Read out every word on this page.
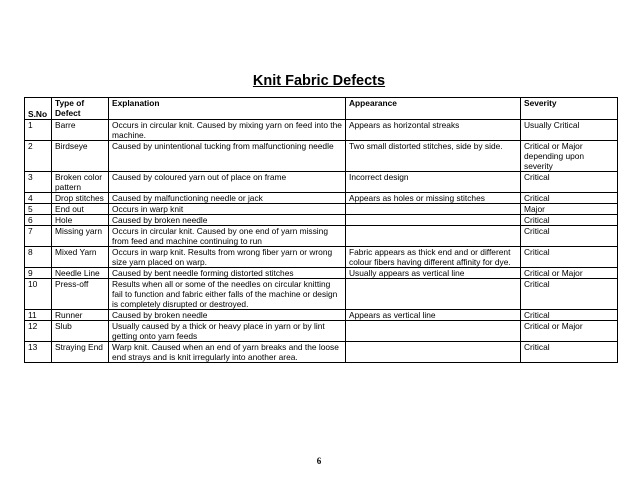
Knit Fabric Defects
S.No	Type of Defect	Explanation	Appearance	Severity
1	Barre	Occurs in circular knit. Caused by mixing yarn on feed into the machine.	Appears as horizontal streaks	Usually Critical
2	Birdseye	Caused by unintentional tucking from malfunctioning needle	Two small distorted stitches, side by side.	Critical or Major depending upon severity
3	Broken color pattern	Caused by coloured yarn out of place on frame	Incorrect design	Critical
4	Drop stitches	Caused by malfunctioning needle or jack	Appears as holes or missing stitches	Critical
5	End out	Occurs in warp knit		Major
6	Hole	Caused by broken needle		Critical
7	Missing yarn	Occurs in circular knit. Caused by one end of yarn missing from feed and machine continuing to run		Critical
8	Mixed Yarn	Occurs in warp knit. Results from wrong fiber yarn or wrong size yarn placed on warp.	Fabric appears as thick end and or different colour fibers having different affinity for dye.	Critical
9	Needle Line	Caused by bent needle forming distorted stitches	Usually appears as vertical line	Critical or Major
10	Press-off	Results when all or some of the needles on circular knitting fail to function and fabric either falls of the machine or design is completely disrupted or destroyed.		Critical
11	Runner	Caused by broken needle	Appears as vertical line	Critical
12	Slub	Usually caused by a thick or heavy place in yarn or by lint getting onto yarn feeds		Critical or Major
13	Straying End	Warp knit. Caused when an end of yarn breaks and the loose end strays and is knit irregularly into another area.		Critical
6
